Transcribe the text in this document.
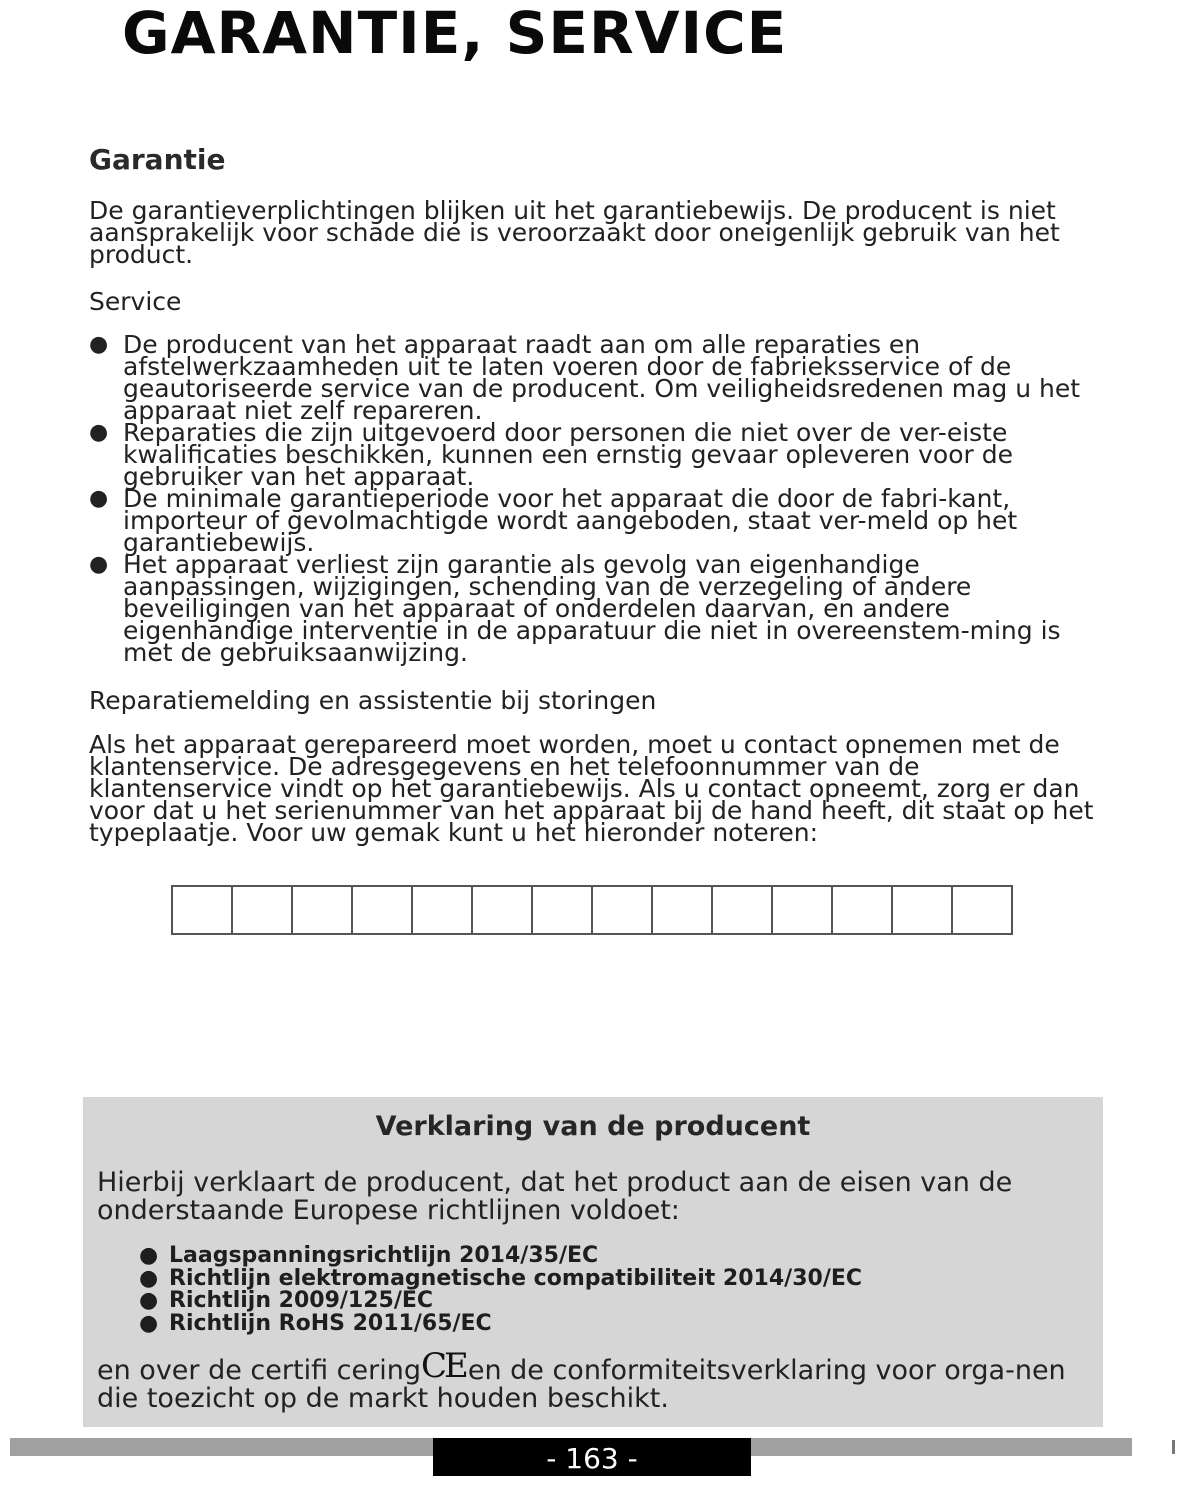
GARANTIE, SERVICE
Garantie
De garantieverplichtingen blijken uit het garantiebewijs. De producent is niet aansprakelijk voor schade die is veroorzaakt door oneigenlijk gebruik van het product.
Service
● De producent van het apparaat raadt aan om alle reparaties en afstelwerkzaamheden uit te laten voeren door de fabrieksservice of de geautoriseerde service van de producent. Om veiligheidsredenen mag u het apparaat niet zelf repareren.
● Reparaties die zijn uitgevoerd door personen die niet over de ver-eiste kwalificaties beschikken, kunnen een ernstig gevaar opleveren voor de gebruiker van het apparaat.
● De minimale garantieperiode voor het apparaat die door de fabri-kant, importeur of gevolmachtigde wordt aangeboden, staat ver-meld op het garantiebewijs.
● Het apparaat verliest zijn garantie als gevolg van eigenhandige aanpassingen, wijzigingen, schending van de verzegeling of andere beveiligingen van het apparaat of onderdelen daarvan, en andere eigenhandige interventie in de apparatuur die niet in overeenstem-ming is met de gebruiksaanwijzing.
Reparatiemelding en assistentie bij storingen
Als het apparaat gerepareerd moet worden, moet u contact opnemen met de klantenservice. De adresgegevens en het telefoonnummer van de klantenservice vindt op het garantiebewijs. Als u contact opneemt, zorg er dan voor dat u het serienummer van het apparaat bij de hand heeft, dit staat op het typeplaatje. Voor uw gemak kunt u het hieronder noteren:
Verklaring van de producent
Hierbij verklaart de producent, dat het product aan de eisen van de onderstaande Europese richtlijnen voldoet:
● Laagspanningsrichtlijn 2014/35/EC
● Richtlijn elektromagnetische compatibiliteit 2014/30/EC
● Richtlijn 2009/125/EC
● Richtlijn RoHS 2011/65/EC
en over de certifi ceringCEen de conformiteitsverklaring voor orga-nen die toezicht op de markt houden beschikt.
- 163 -
